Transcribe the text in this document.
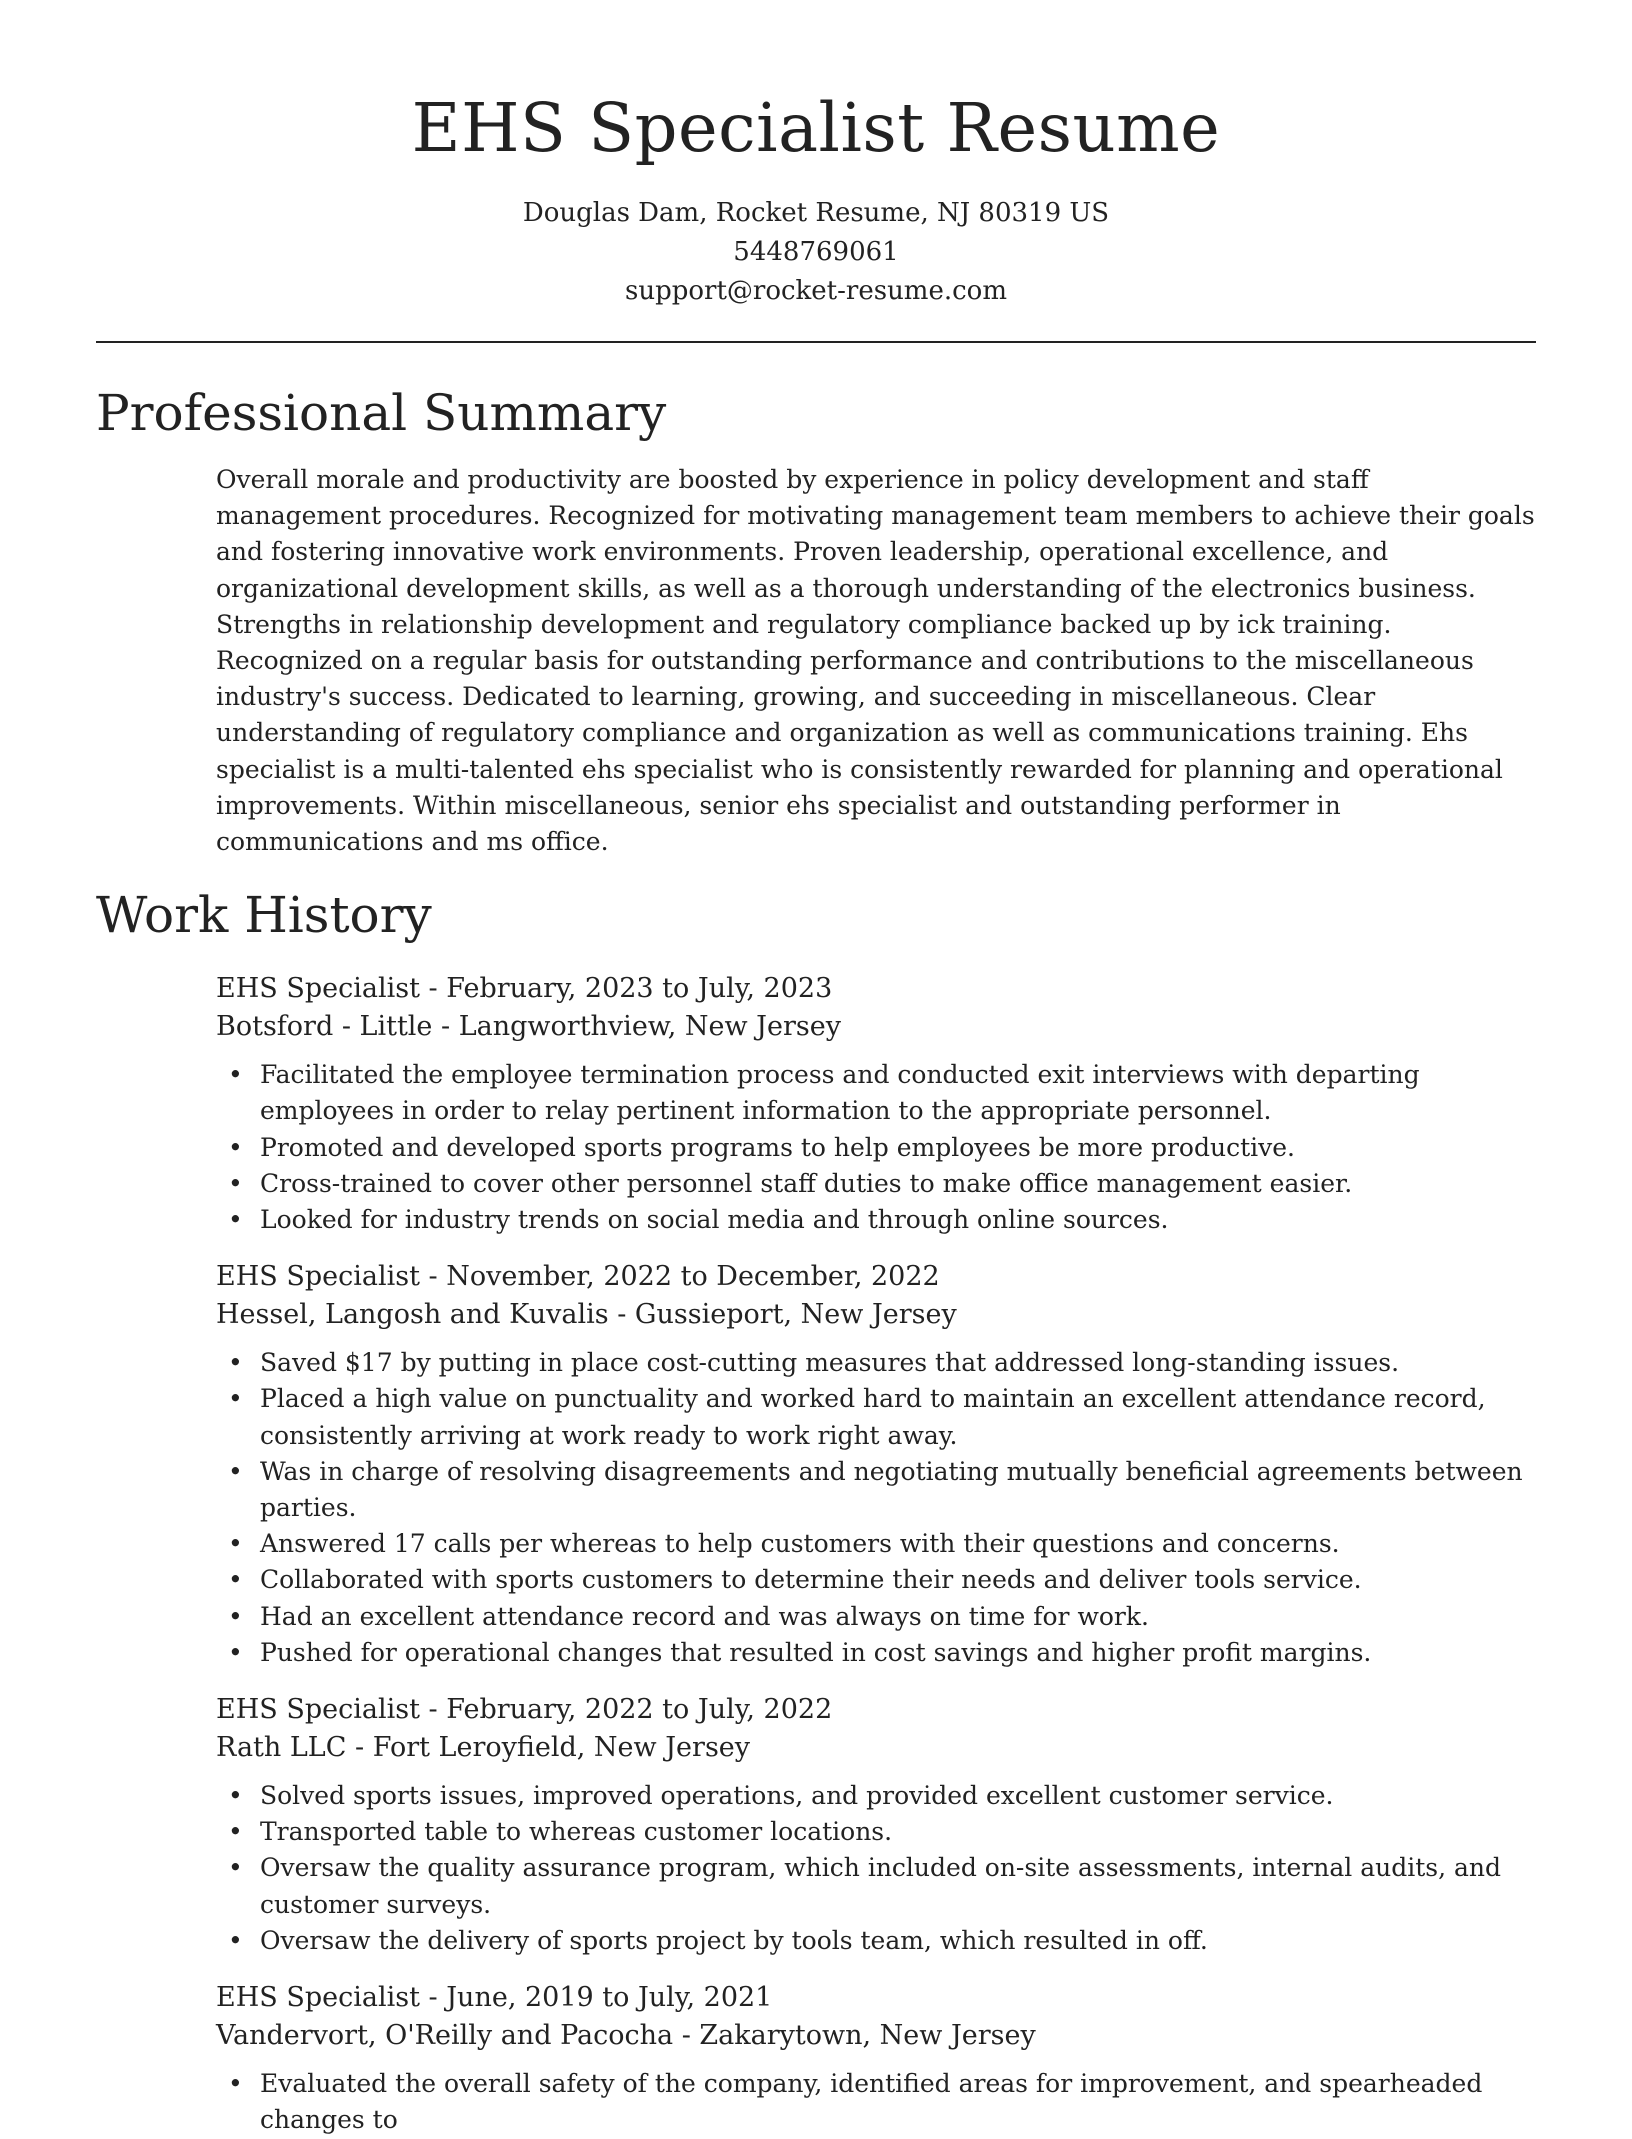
EHS Specialist Resume
Douglas Dam, Rocket Resume, NJ 80319 US
5448769061
support@rocket-resume.com
Professional Summary

Overall morale and productivity are boosted by experience in policy development and staff management procedures. Recognized for motivating management team members to achieve their goals and fostering innovative work environments. Proven leadership, operational excellence, and organizational development skills, as well as a thorough understanding of the electronics business. Strengths in relationship development and regulatory compliance backed up by ick training. Recognized on a regular basis for outstanding performance and contributions to the miscellaneous industry's success. Dedicated to learning, growing, and succeeding in miscellaneous. Clear understanding of regulatory compliance and organization as well as communications training. Ehs specialist is a multi-talented ehs specialist who is consistently rewarded for planning and operational improvements. Within miscellaneous, senior ehs specialist and outstanding performer in communications and ms office.

Work History
EHS Specialist - February, 2023 to July, 2023
Botsford - Little - Langworthview, New Jersey
• Facilitated the employee termination process and conducted exit interviews with departing employees in order to relay pertinent information to the appropriate personnel.
• Promoted and developed sports programs to help employees be more productive.
• Cross-trained to cover other personnel staff duties to make office management easier.
• Looked for industry trends on social media and through online sources.
EHS Specialist - November, 2022 to December, 2022
Hessel, Langosh and Kuvalis - Gussieport, New Jersey
• Saved $17 by putting in place cost-cutting measures that addressed long-standing issues.
• Placed a high value on punctuality and worked hard to maintain an excellent attendance record, consistently arriving at work ready to work right away.
• Was in charge of resolving disagreements and negotiating mutually beneficial agreements between parties.
• Answered 17 calls per whereas to help customers with their questions and concerns.
• Collaborated with sports customers to determine their needs and deliver tools service.
• Had an excellent attendance record and was always on time for work.
• Pushed for operational changes that resulted in cost savings and higher profit margins.
EHS Specialist - February, 2022 to July, 2022
Rath LLC - Fort Leroyfield, New Jersey
• Solved sports issues, improved operations, and provided excellent customer service.
• Transported table to whereas customer locations.
• Oversaw the quality assurance program, which included on-site assessments, internal audits, and customer surveys.
• Oversaw the delivery of sports project by tools team, which resulted in off.
EHS Specialist - June, 2019 to July, 2021
Vandervort, O'Reilly and Pacocha - Zakarytown, New Jersey
• Evaluated the overall safety of the company, identified areas for improvement, and spearheaded changes to
